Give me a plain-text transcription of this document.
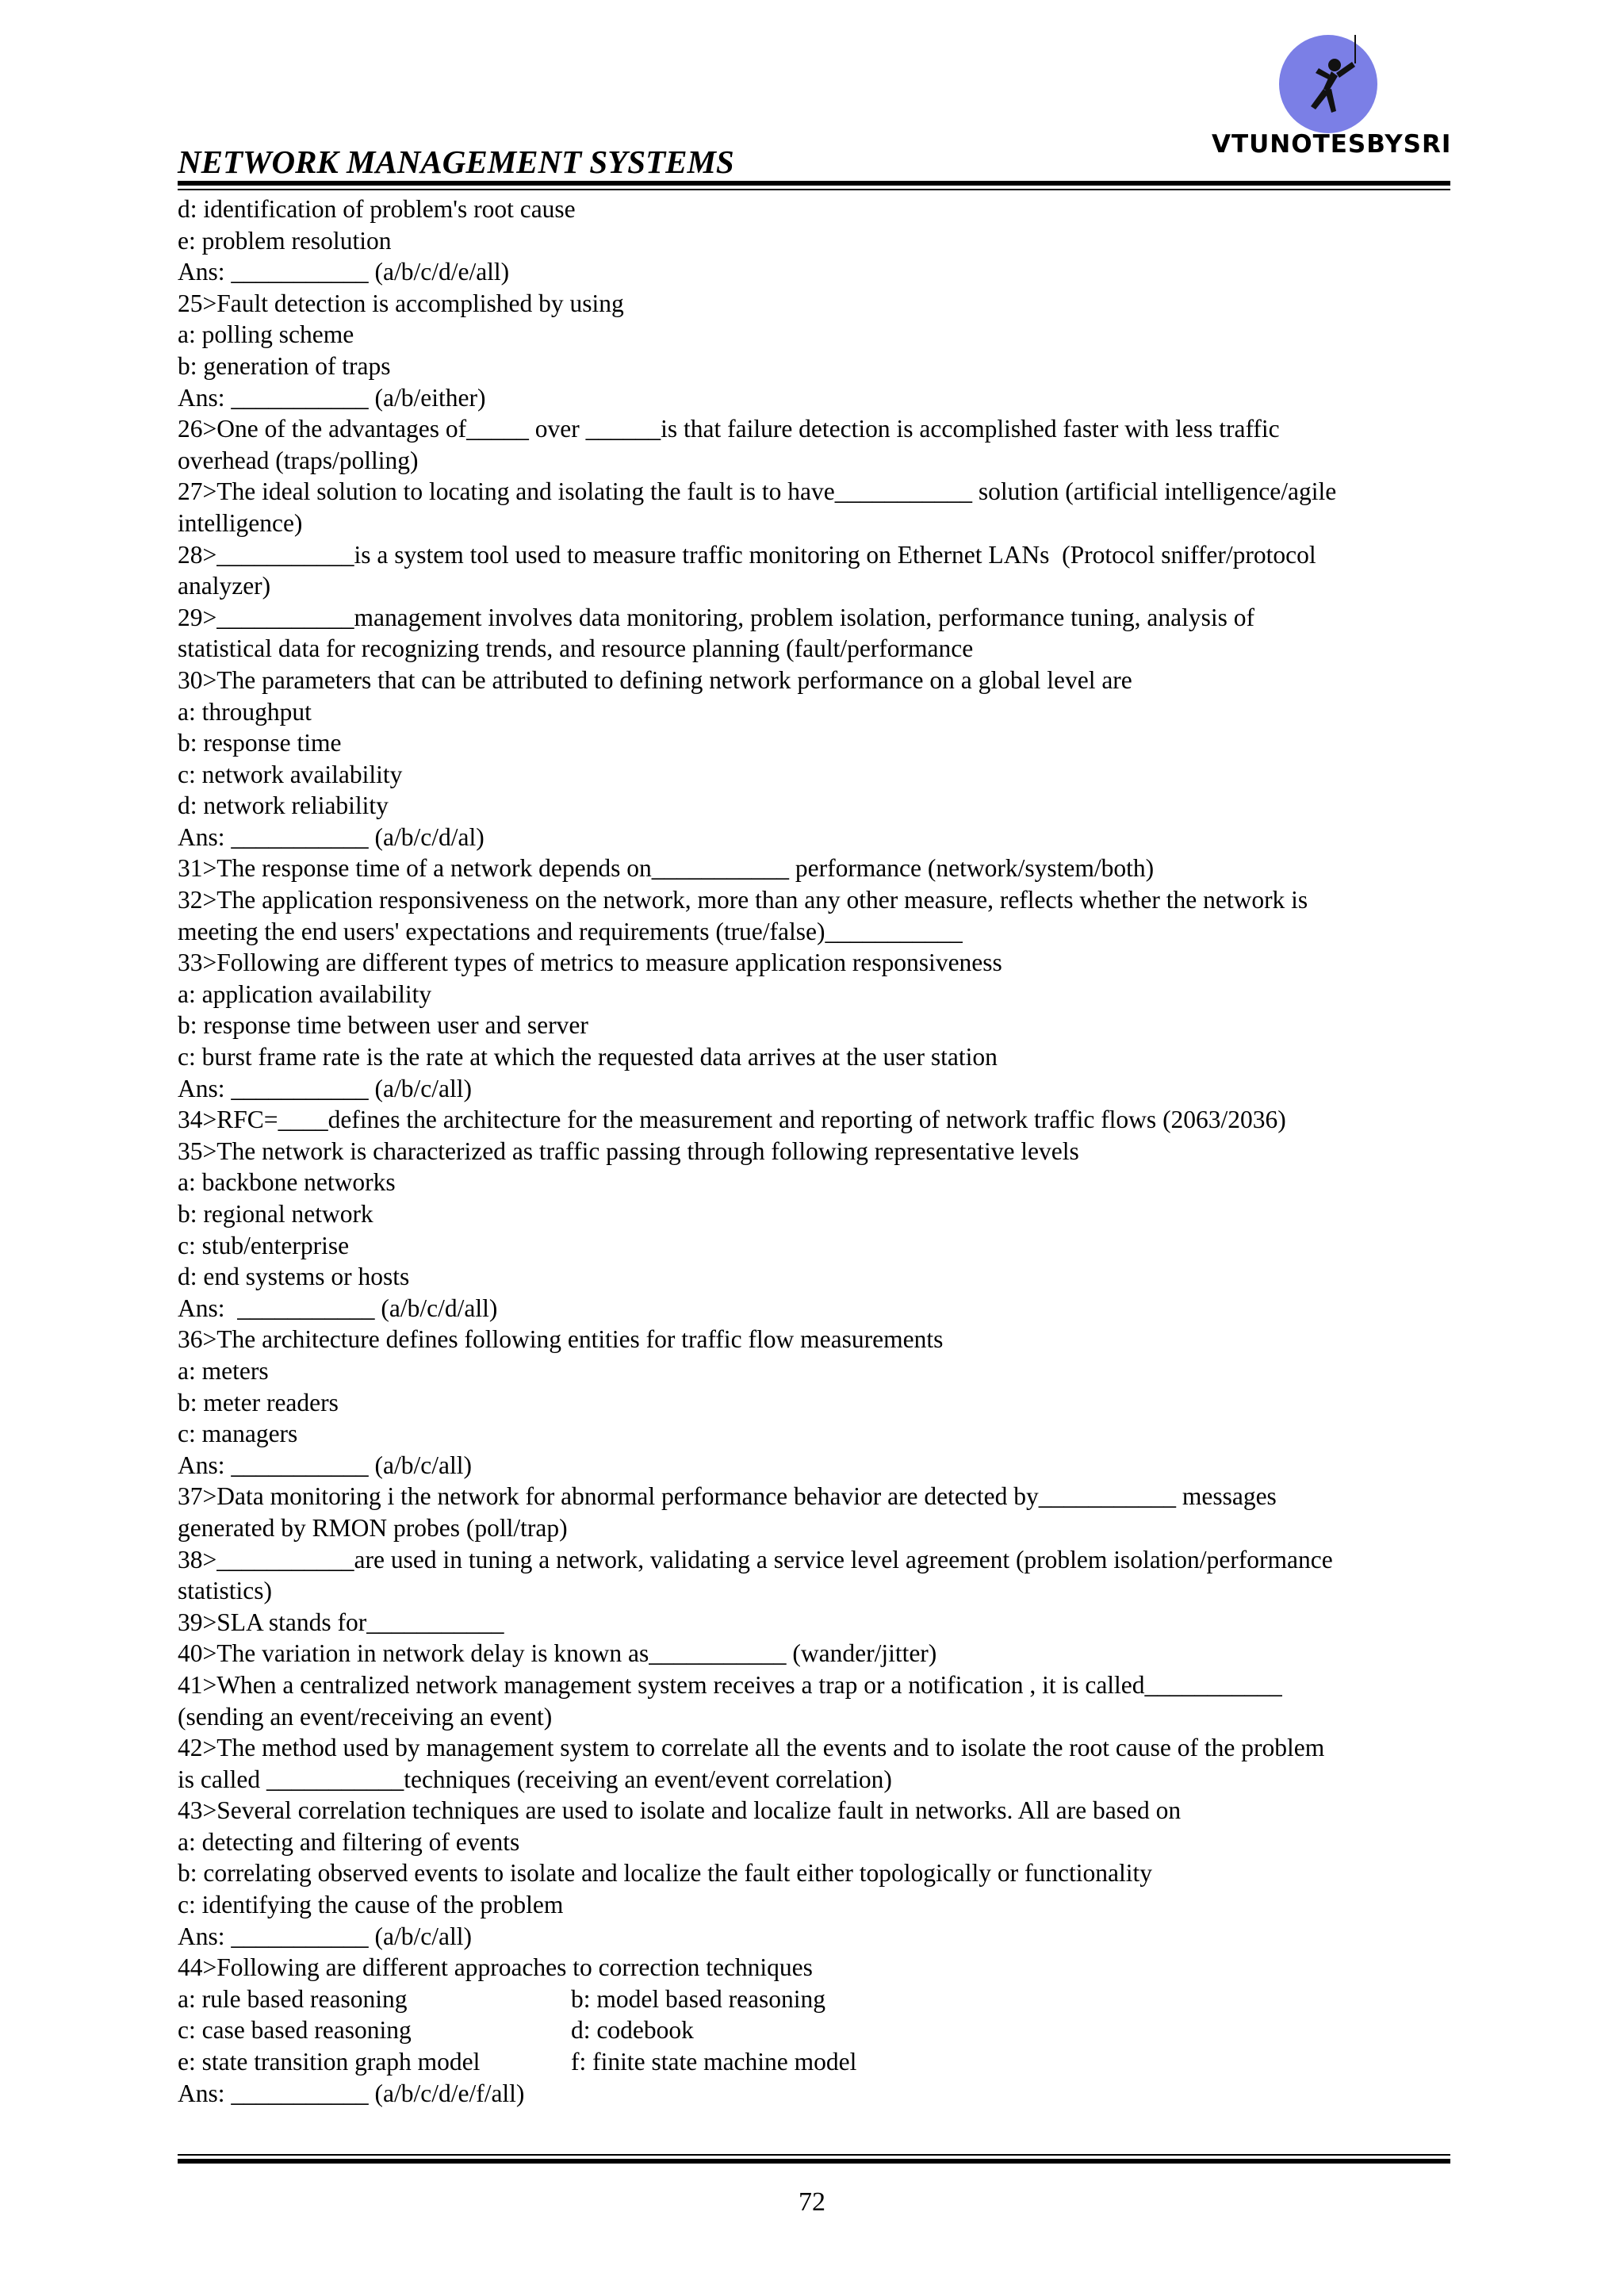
VTUNOTESBYSRI
NETWORK MANAGEMENT SYSTEMS
d: identification of problem's root cause
e: problem resolution
Ans: ___________ (a/b/c/d/e/all)
25>Fault detection is accomplished by using
a: polling scheme
b: generation of traps
Ans: ___________ (a/b/either)
26>One of the advantages of_____ over ______is that failure detection is accomplished faster with less traffic
overhead (traps/polling)
27>The ideal solution to locating and isolating the fault is to have___________ solution (artificial intelligence/agile
intelligence)
28>___________is a system tool used to measure traffic monitoring on Ethernet LANs  (Protocol sniffer/protocol
analyzer)
29>___________management involves data monitoring, problem isolation, performance tuning, analysis of
statistical data for recognizing trends, and resource planning (fault/performance
30>The parameters that can be attributed to defining network performance on a global level are
a: throughput
b: response time
c: network availability
d: network reliability
Ans: ___________ (a/b/c/d/al)
31>The response time of a network depends on___________ performance (network/system/both)
32>The application responsiveness on the network, more than any other measure, reflects whether the network is
meeting the end users' expectations and requirements (true/false)___________
33>Following are different types of metrics to measure application responsiveness
a: application availability
b: response time between user and server
c: burst frame rate is the rate at which the requested data arrives at the user station
Ans: ___________ (a/b/c/all)
34>RFC=____defines the architecture for the measurement and reporting of network traffic flows (2063/2036)
35>The network is characterized as traffic passing through following representative levels
a: backbone networks
b: regional network
c: stub/enterprise
d: end systems or hosts
Ans:  ___________ (a/b/c/d/all)
36>The architecture defines following entities for traffic flow measurements
a: meters
b: meter readers
c: managers
Ans: ___________ (a/b/c/all)
37>Data monitoring i the network for abnormal performance behavior are detected by___________ messages
generated by RMON probes (poll/trap)
38>___________are used in tuning a network, validating a service level agreement (problem isolation/performance
statistics)
39>SLA stands for___________
40>The variation in network delay is known as___________ (wander/jitter)
41>When a centralized network management system receives a trap or a notification , it is called___________
(sending an event/receiving an event)
42>The method used by management system to correlate all the events and to isolate the root cause of the problem
is called ___________techniques (receiving an event/event correlation)
43>Several correlation techniques are used to isolate and localize fault in networks. All are based on
a: detecting and filtering of events
b: correlating observed events to isolate and localize the fault either topologically or functionality
c: identifying the cause of the problem
Ans: ___________ (a/b/c/all)
44>Following are different approaches to correction techniques
a: rule based reasoning	b: model based reasoning
c: case based reasoning	d: codebook
e: state transition graph model	f: finite state machine model
Ans: ___________ (a/b/c/d/e/f/all)
72
